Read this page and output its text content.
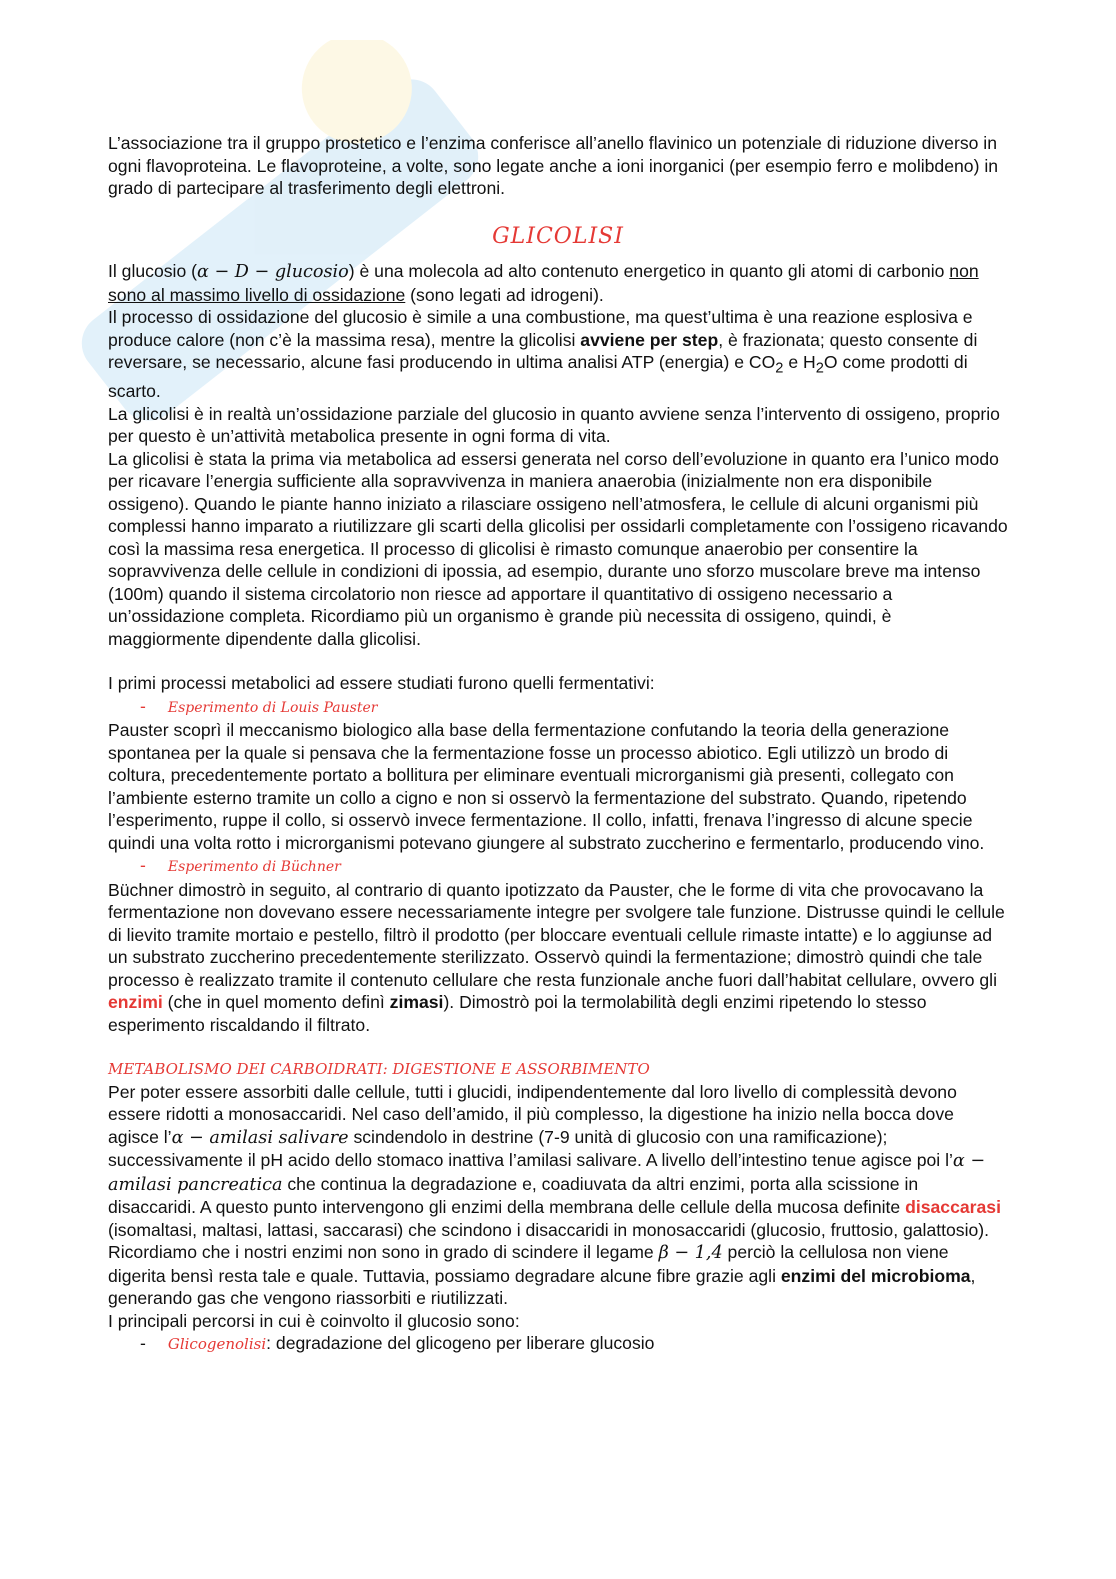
L’associazione tra il gruppo prostetico e l’enzima conferisce all’anello flavinico un potenziale di riduzione diverso in ogni flavoproteina. Le flavoproteine, a volte, sono legate anche a ioni inorganici (per esempio ferro e molibdeno) in grado di partecipare al trasferimento degli elettroni.

GLICOLISI

Il glucosio (α − D − glucosio) è una molecola ad alto contenuto energetico in quanto gli atomi di carbonio non sono al massimo livello di ossidazione (sono legati ad idrogeni).

Il processo di ossidazione del glucosio è simile a una combustione, ma quest’ultima è una reazione esplosiva e produce calore (non c’è la massima resa), mentre la glicolisi avviene per step, è frazionata; questo consente di reversare, se necessario, alcune fasi producendo in ultima analisi ATP (energia) e $CO_2$ e $H_2O$ come prodotti di scarto.

La glicolisi è in realtà un’ossidazione parziale del glucosio in quanto avviene senza l’intervento di ossigeno, proprio per questo è un’attività metabolica presente in ogni forma di vita.

La glicolisi è stata la prima via metabolica ad essersi generata nel corso dell’evoluzione in quanto era l’unico modo per ricavare l’energia sufficiente alla sopravvivenza in maniera anaerobia (inizialmente non era disponibile ossigeno). Quando le piante hanno iniziato a rilasciare ossigeno nell’atmosfera, le cellule di alcuni organismi più complessi hanno imparato a riutilizzare gli scarti della glicolisi per ossidarli completamente con l’ossigeno ricavando così la massima resa energetica. Il processo di glicolisi è rimasto comunque anaerobio per consentire la sopravvivenza delle cellule in condizioni di ipossia, ad esempio, durante uno sforzo muscolare breve ma intenso (100m) quando il sistema circolatorio non riesce ad apportare il quantitativo di ossigeno necessario a un’ossidazione completa. Ricordiamo più un organismo è grande più necessita di ossigeno, quindi, è maggiormente dipendente dalla glicolisi.

I primi processi metabolici ad essere studiati furono quelli fermentativi:

- Esperimento di Louis Pauster

Pauster scoprì il meccanismo biologico alla base della fermentazione confutando la teoria della generazione spontanea per la quale si pensava che la fermentazione fosse un processo abiotico. Egli utilizzò un brodo di coltura, precedentemente portato a bollitura per eliminare eventuali microrganismi già presenti, collegato con l’ambiente esterno tramite un collo a cigno e non si osservò la fermentazione del substrato. Quando, ripetendo l’esperimento, ruppe il collo, si osservò invece fermentazione. Il collo, infatti, frenava l’ingresso di alcune specie quindi una volta rotto i microrganismi potevano giungere al substrato zuccherino e fermentarlo, producendo vino.

- Esperimento di Büchner

Büchner dimostrò in seguito, al contrario di quanto ipotizzato da Pauster, che le forme di vita che provocavano la fermentazione non dovevano essere necessariamente integre per svolgere tale funzione. Distrusse quindi le cellule di lievito tramite mortaio e pestello, filtrò il prodotto (per bloccare eventuali cellule rimaste intatte) e lo aggiunse ad un substrato zuccherino precedentemente sterilizzato. Osservò quindi la fermentazione; dimostrò quindi che tale processo è realizzato tramite il contenuto cellulare che resta funzionale anche fuori dall’habitat cellulare, ovvero gli enzimi (che in quel momento definì zimasi). Dimostrò poi la termolabilità degli enzimi ripetendo lo stesso esperimento riscaldando il filtrato.

METABOLISMO DEI CARBOIDRATI: DIGESTIONE E ASSORBIMENTO

Per poter essere assorbiti dalle cellule, tutti i glucidi, indipendentemente dal loro livello di complessità devono essere ridotti a monosaccaridi. Nel caso dell’amido, il più complesso, la digestione ha inizio nella bocca dove agisce l’α − amilasi salivare scindendolo in destrine (7-9 unità di glucosio con una ramificazione); successivamente il pH acido dello stomaco inattiva l’amilasi salivare. A livello dell’intestino tenue agisce poi l’α − amilasi pancreatica che continua la degradazione e, coadiuvata da altri enzimi, porta alla scissione in disaccaridi. A questo punto intervengono gli enzimi della membrana delle cellule della mucosa definite disaccarasi (isomaltasi, maltasi, lattasi, saccarasi) che scindono i disaccaridi in monosaccaridi (glucosio, fruttosio, galattosio).

Ricordiamo che i nostri enzimi non sono in grado di scindere il legame β − 1,4 perciò la cellulosa non viene digerita bensì resta tale e quale. Tuttavia, possiamo degradare alcune fibre grazie agli enzimi del microbioma, generando gas che vengono riassorbiti e riutilizzati.

I principali percorsi in cui è coinvolto il glucosio sono:

- Glicogenolisi: degradazione del glicogeno per liberare glucosio
